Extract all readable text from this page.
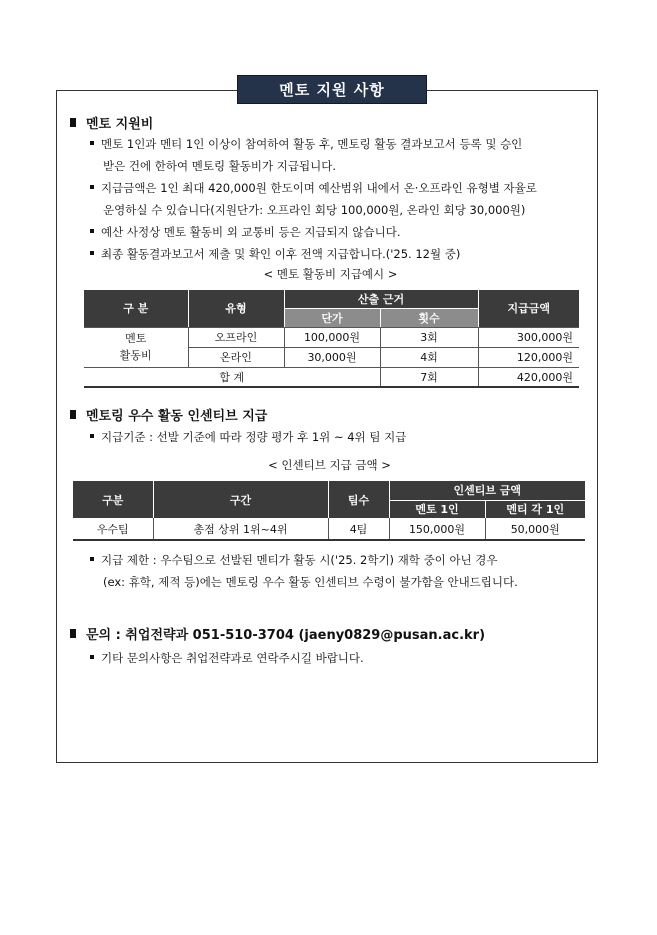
멘토 지원 사항
멘토 지원비
멘토 1인과 멘티 1인 이상이 참여하여 활동 후, 멘토링 활동 결과보고서 등록 및 승인
받은 건에 한하여 멘토링 활동비가 지급됩니다.
지급금액은 1인 최대 420,000원 한도이며 예산범위 내에서 온·오프라인 유형별 자율로
운영하실 수 있습니다(지원단가: 오프라인 회당 100,000원, 온라인 회당 30,000원)
예산 사정상 멘토 활동비 외 교통비 등은 지급되지 않습니다.
최종 활동결과보고서 제출 및 확인 이후 전액 지급합니다.('25. 12월 중)
< 멘토 활동비 지급예시 >
구 분	유형	산출 근거		지급금액
		단가	횟수	
멘토
활동비	오프라인	100,000원	3회	300,000원
	온라인	30,000원	4회	120,000원
합 계			7회	420,000원
멘토링 우수 활동 인센티브 지급
지급기준 : 선발 기준에 따라 정량 평가 후 1위 ~ 4위 팀 지급
< 인센티브 지급 금액 >
구분	구간	팀수	인센티브 금액	
			멘토 1인	멘티 각 1인
우수팀	총점 상위 1위~4위	4팀	150,000원	50,000원
지급 제한 : 우수팀으로 선발된 멘티가 활동 시('25. 2학기) 재학 중이 아닌 경우
(ex: 휴학, 제적 등)에는 멘토링 우수 활동 인센티브 수령이 불가함을 안내드립니다.
문의 : 취업전략과 051-510-3704 (jaeny0829@pusan.ac.kr)
기타 문의사항은 취업전략과로 연락주시길 바랍니다.
